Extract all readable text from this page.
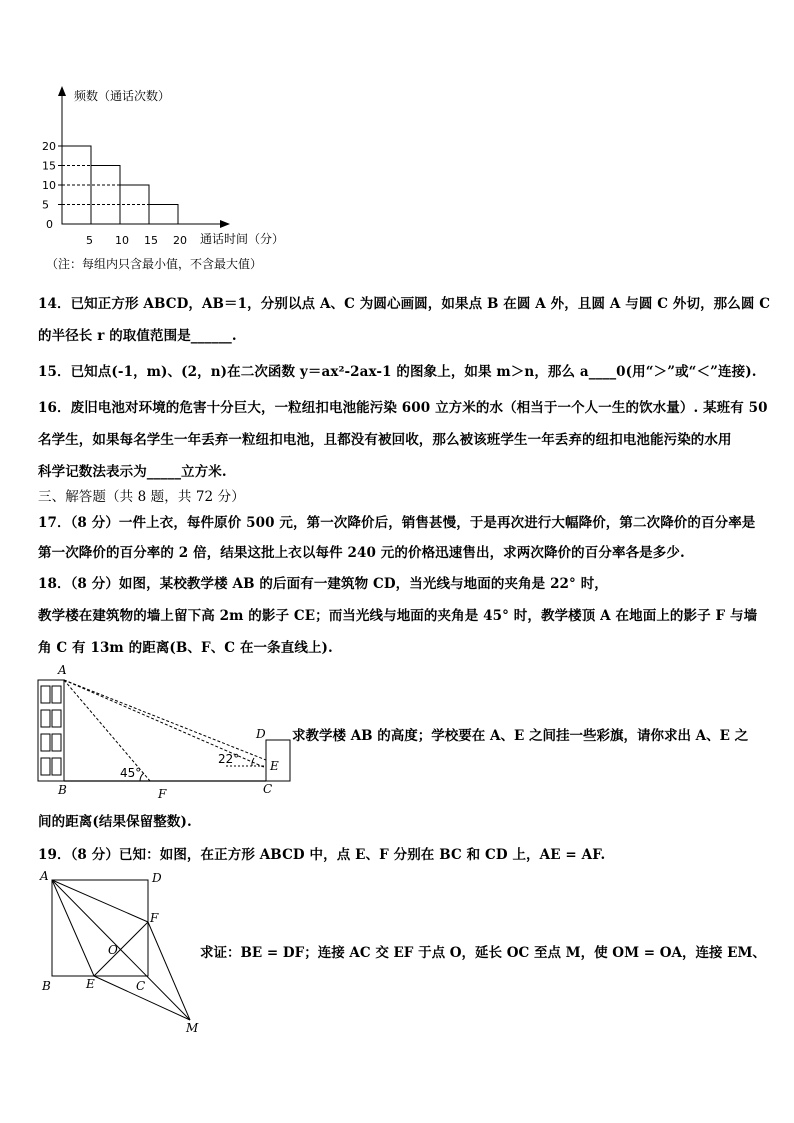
频数（通话次数）
通话时间（分）
20
15
10
5
0
5 10 15 20
（注：每组内只含最小值，不含最大值）
14．已知正方形 ABCD，AB＝1，分别以点 A、C 为圆心画圆，如果点 B 在圆 A 外，且圆 A 与圆 C 外切，那么圆 C
的半径长 r 的取值范围是______.
15．已知点(-1，m)、(2，n)在二次函数 y＝ax²-2ax-1 的图象上，如果 m＞n，那么 a____0(用“＞”或“＜”连接).
16．废旧电池对环境的危害十分巨大，一粒纽扣电池能污染 600 立方米的水（相当于一个人一生的饮水量）. 某班有 50
名学生，如果每名学生一年丢弃一粒纽扣电池，且都没有被回收，那么被该班学生一年丢弃的纽扣电池能污染的水用
科学记数法表示为_____立方米.
三、解答题（共 8 题，共 72 分）
17．（8 分）一件上衣，每件原价 500 元，第一次降价后，销售甚慢，于是再次进行大幅降价，第二次降价的百分率是
第一次降价的百分率的 2 倍，结果这批上衣以每件 240 元的价格迅速售出，求两次降价的百分率各是多少.
18．（8 分）如图，某校教学楼 AB 的后面有一建筑物 CD，当光线与地面的夹角是 22° 时，
教学楼在建筑物的墙上留下高 2m 的影子 CE；而当光线与地面的夹角是 45° 时，教学楼顶 A 在地面上的影子 F 与墙
角 C 有 13m 的距离(B、F、C 在一条直线上).
A
B	C
D
E
F
45°
22°
求教学楼 AB 的高度；学校要在 A、E 之间挂一些彩旗，请你求出 A、E 之
间的距离(结果保留整数).
19．（8 分）已知：如图，在正方形 ABCD 中，点 E、F 分别在 BC 和 CD 上，AE = AF.
A	D
B	E	C
F
O
M
求证：BE = DF；连接 AC 交 EF 于点 O，延长 OC 至点 M，使 OM = OA，连接 EM、
